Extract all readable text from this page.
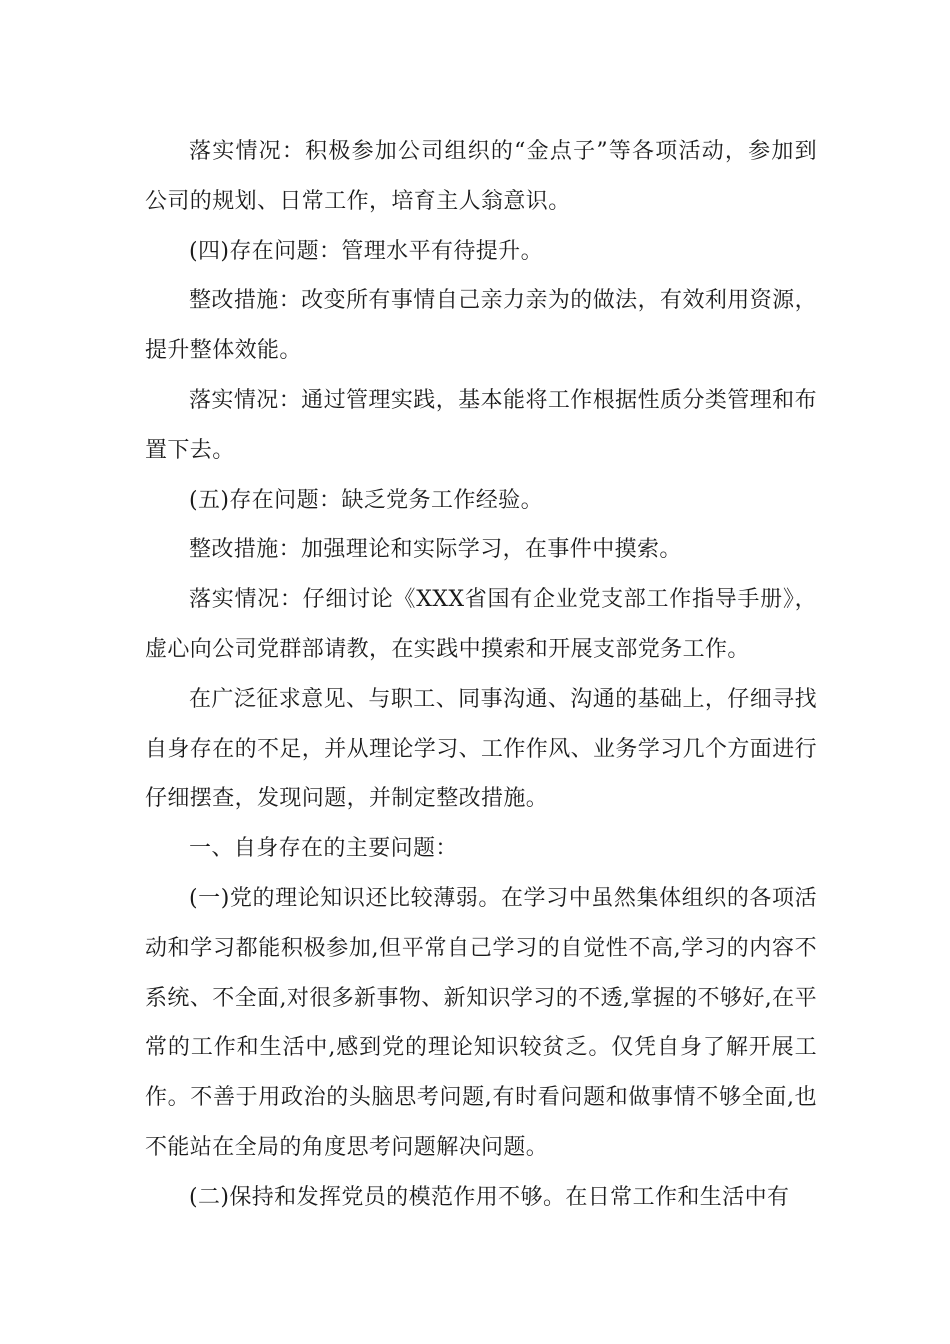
落实情况：积极参加公司组织的“金点子”等各项活动，参加到公司的规划、日常工作，培育主人翁意识。

(四)存在问题：管理水平有待提升。

整改措施：改变所有事情自己亲力亲为的做法，有效利用资源，提升整体效能。

落实情况：通过管理实践，基本能将工作根据性质分类管理和布置下去。

(五)存在问题：缺乏党务工作经验。

整改措施：加强理论和实际学习，在事件中摸索。

落实情况：仔细讨论《XXX省国有企业党支部工作指导手册》，虚心向公司党群部请教，在实践中摸索和开展支部党务工作。

在广泛征求意见、与职工、同事沟通、沟通的基础上，仔细寻找自身存在的不足，并从理论学习、工作作风、业务学习几个方面进行仔细摆查，发现问题，并制定整改措施。

一、自身存在的主要问题：

(一)党的理论知识还比较薄弱。在学习中虽然集体组织的各项活动和学习都能积极参加,但平常自己学习的自觉性不高,学习的内容不系统、不全面,对很多新事物、新知识学习的不透,掌握的不够好,在平常的工作和生活中,感到党的理论知识较贫乏。仅凭自身了解开展工作。不善于用政治的头脑思考问题,有时看问题和做事情不够全面,也不能站在全局的角度思考问题解决问题。

(二)保持和发挥党员的模范作用不够。在日常工作和生活中有
